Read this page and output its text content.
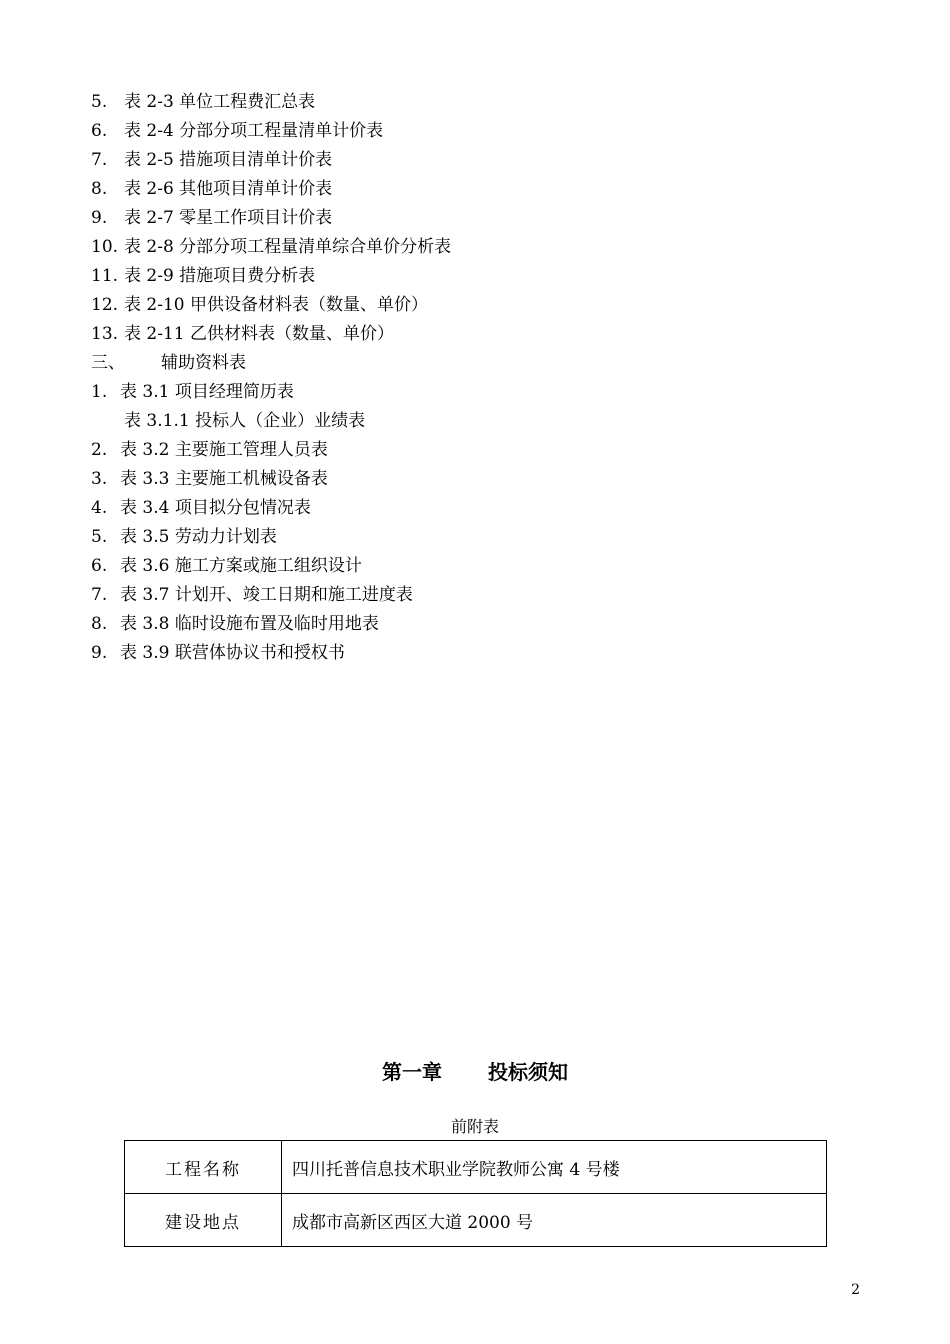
5. 表 2-3 单位工程费汇总表
6. 表 2-4 分部分项工程量清单计价表
7. 表 2-5 措施项目清单计价表
8. 表 2-6 其他项目清单计价表
9. 表 2-7 零星工作项目计价表
10. 表 2-8 分部分项工程量清单综合单价分析表
11. 表 2-9 措施项目费分析表
12. 表 2-10 甲供设备材料表（数量、单价）
13. 表 2-11 乙供材料表（数量、单价）
三、 辅助资料表
1. 表 3.1 项目经理简历表
表 3.1.1 投标人（企业）业绩表
2. 表 3.2 主要施工管理人员表
3. 表 3.3 主要施工机械设备表
4. 表 3.4 项目拟分包情况表
5. 表 3.5 劳动力计划表
6. 表 3.6 施工方案或施工组织设计
7. 表 3.7 计划开、竣工日期和施工进度表
8. 表 3.8 临时设施布置及临时用地表
9. 表 3.9 联营体协议书和授权书
第一章 投标须知
前附表
工程名称	四川托普信息技术职业学院教师公寓 4 号楼
建设地点	成都市高新区西区大道 2000 号
2
